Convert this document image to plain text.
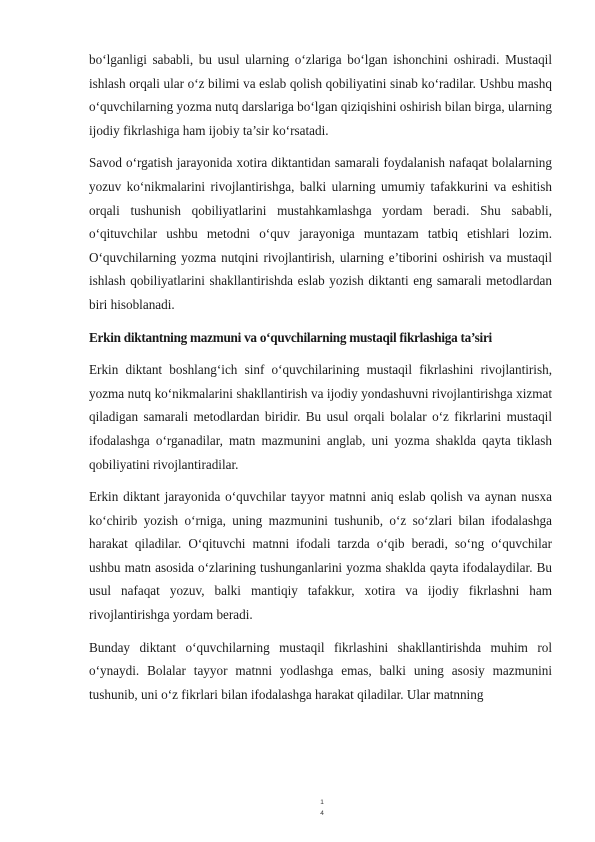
bo‘lganligi sababli, bu usul ularning o‘zlariga bo‘lgan ishonchini oshiradi. Mustaqil ishlash orqali ular o‘z bilimi va eslab qolish qobiliyatini sinab ko‘radilar. Ushbu mashq o‘quvchilarning yozma nutq darslariga bo‘lgan qiziqishini oshirish bilan birga, ularning ijodiy fikrlashiga ham ijobiy ta’sir ko‘rsatadi.

Savod o‘rgatish jarayonida xotira diktantidan samarali foydalanish nafaqat bolalarning yozuv ko‘nikmalarini rivojlantirishga, balki ularning umumiy tafakkurini va eshitish orqali tushunish qobiliyatlarini mustahkamlashga yordam beradi. Shu sababli, o‘qituvchilar ushbu metodni o‘quv jarayoniga muntazam tatbiq etishlari lozim. O‘quvchilarning yozma nutqini rivojlantirish, ularning e’tiborini oshirish va mustaqil ishlash qobiliyatlarini shakllantirishda eslab yozish diktanti eng samarali metodlardan biri hisoblanadi.

Erkin diktantning mazmuni va o‘quvchilarning mustaqil fikrlashiga ta’siri

Erkin diktant boshlang‘ich sinf o‘quvchilarining mustaqil fikrlashini rivojlantirish, yozma nutq ko‘nikmalarini shakllantirish va ijodiy yondashuvni rivojlantirishga xizmat qiladigan samarali metodlardan biridir. Bu usul orqali bolalar o‘z fikrlarini mustaqil ifodalashga o‘rganadilar, matn mazmunini anglab, uni yozma shaklda qayta tiklash qobiliyatini rivojlantiradilar.

Erkin diktant jarayonida o‘quvchilar tayyor matnni aniq eslab qolish va aynan nusxa ko‘chirib yozish o‘rniga, uning mazmunini tushunib, o‘z so‘zlari bilan ifodalashga harakat qiladilar. O‘qituvchi matnni ifodali tarzda o‘qib beradi, so‘ng o‘quvchilar ushbu matn asosida o‘zlarining tushunganlarini yozma shaklda qayta ifodalaydilar. Bu usul nafaqat yozuv, balki mantiqiy tafakkur, xotira va ijodiy fikrlashni ham rivojlantirishga yordam beradi.

Bunday diktant o‘quvchilarning mustaqil fikrlashini shakllantirishda muhim rol o‘ynaydi. Bolalar tayyor matnni yodlashga emas, balki uning asosiy mazmunini tushunib, uni o‘z fikrlari bilan ifodalashga harakat qiladilar. Ular matnning

1
4
